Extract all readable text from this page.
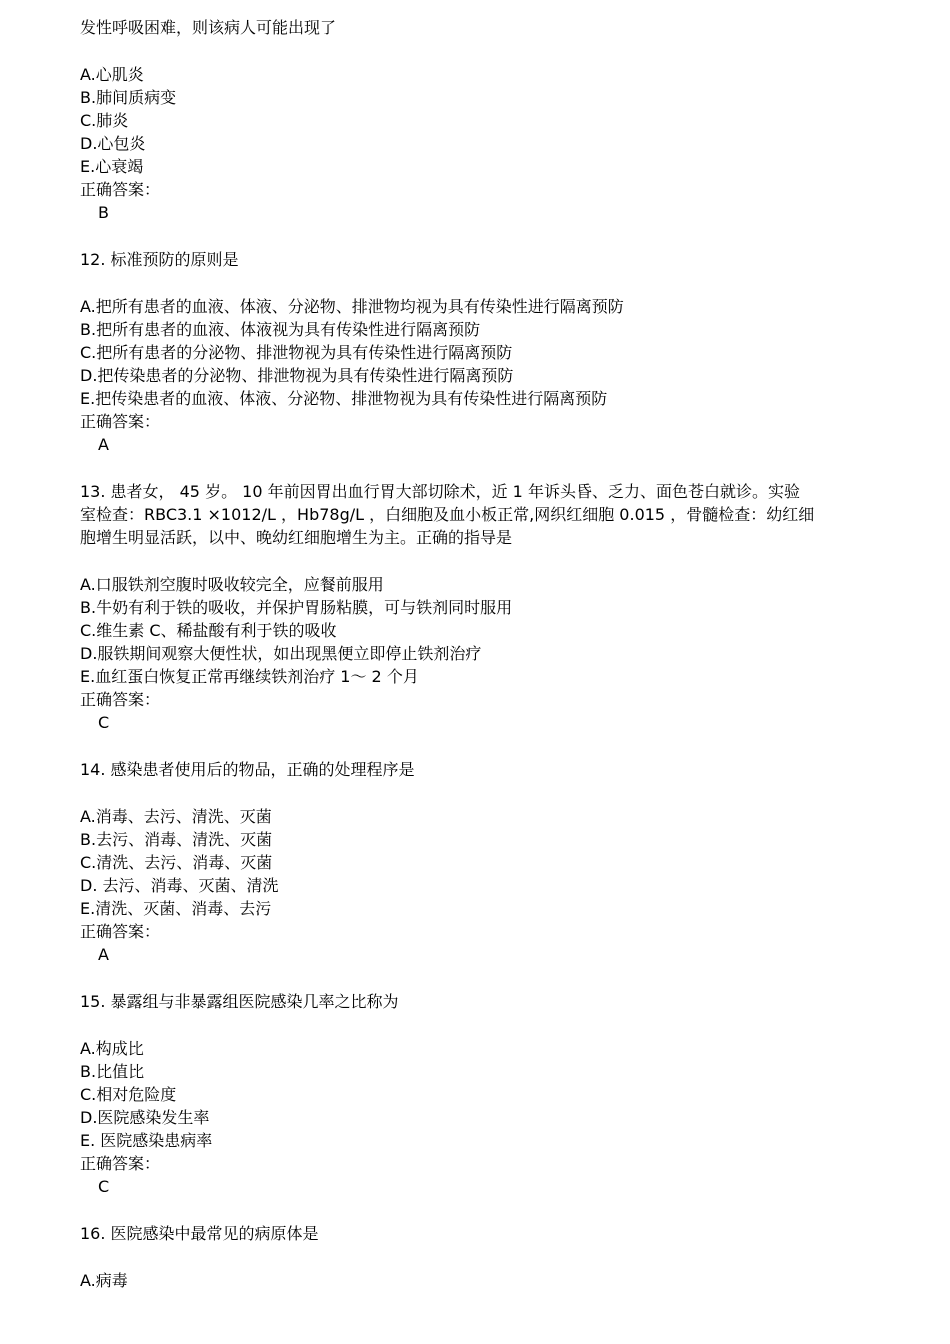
发性呼吸困难，则该病人可能出现了
A.心肌炎
B.肺间质病变
C.肺炎
D.心包炎
E.心衰竭
正确答案：
B
12. 标准预防的原则是
A.把所有患者的血液、体液、分泌物、排泄物均视为具有传染性进行隔离预防
B.把所有患者的血液、体液视为具有传染性进行隔离预防
C.把所有患者的分泌物、排泄物视为具有传染性进行隔离预防
D.把传染患者的分泌物、排泄物视为具有传染性进行隔离预防
E.把传染患者的血液、体液、分泌物、排泄物视为具有传染性进行隔离预防
正确答案：
A
13. 患者女， 45 岁。 10 年前因胃出血行胃大部切除术，近 1 年诉头昏、乏力、面色苍白就诊。实验
室检查：RBC3.1 ×1012/L ，Hb78g/L ，白细胞及血小板正常,网织红细胞 0.015 ，骨髓检查：幼红细
胞增生明显活跃，以中、晚幼红细胞增生为主。正确的指导是
A.口服铁剂空腹时吸收较完全，应餐前服用
B.牛奶有利于铁的吸收，并保护胃肠粘膜，可与铁剂同时服用
C.维生素 C、稀盐酸有利于铁的吸收
D.服铁期间观察大便性状，如出现黑便立即停止铁剂治疗
E.血红蛋白恢复正常再继续铁剂治疗 1～ 2 个月
正确答案：
C
14. 感染患者使用后的物品，正确的处理程序是
A.消毒、去污、清洗、灭菌
B.去污、消毒、清洗、灭菌
C.清洗、去污、消毒、灭菌
D. 去污、消毒、灭菌、清洗
E.清洗、灭菌、消毒、去污
正确答案：
A
15. 暴露组与非暴露组医院感染几率之比称为
A.构成比
B.比值比
C.相对危险度
D.医院感染发生率
E. 医院感染患病率
正确答案：
C
16. 医院感染中最常见的病原体是
A.病毒
